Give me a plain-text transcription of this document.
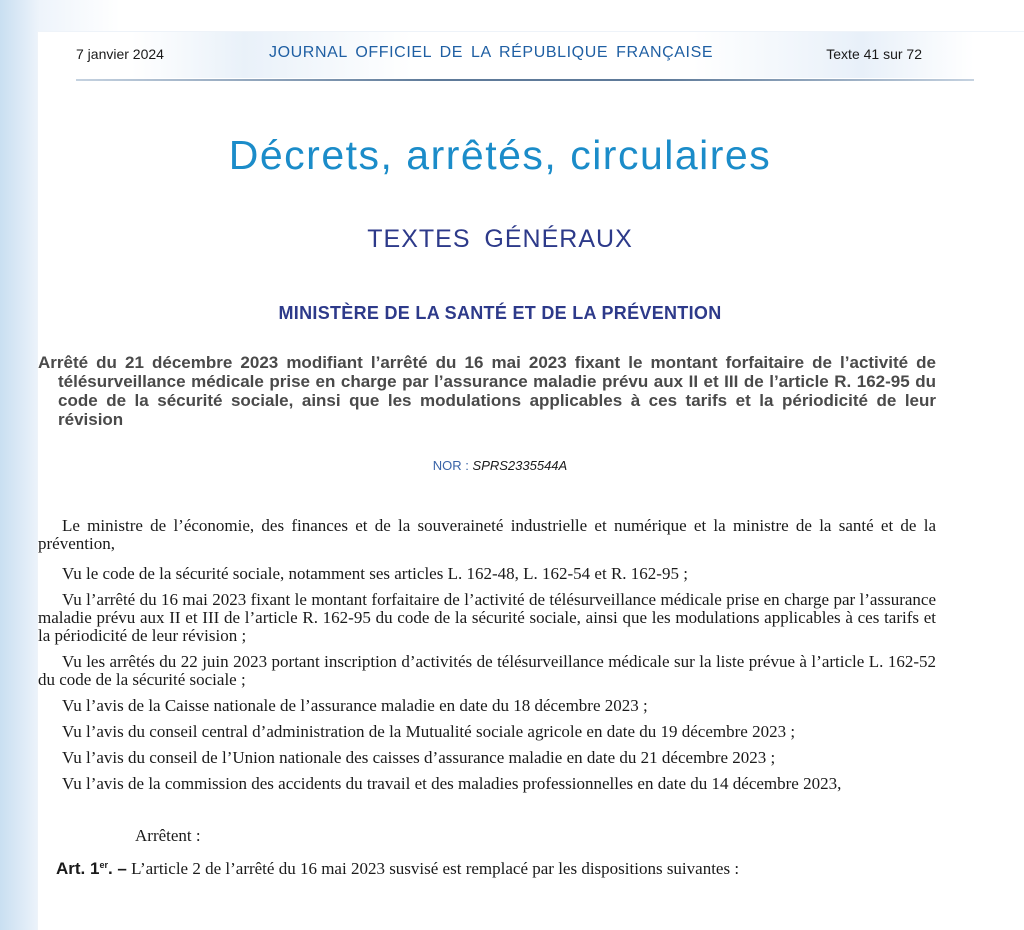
7 janvier 2024	JOURNAL OFFICIEL DE LA RÉPUBLIQUE FRANÇAISE	Texte 41 sur 72
Décrets, arrêtés, circulaires
TEXTES GÉNÉRAUX
MINISTÈRE DE LA SANTÉ ET DE LA PRÉVENTION
Arrêté du 21 décembre 2023 modifiant l’arrêté du 16 mai 2023 fixant le montant forfaitaire de l’activité de télésurveillance médicale prise en charge par l’assurance maladie prévu aux II et III de l’article R. 162-95 du code de la sécurité sociale, ainsi que les modulations applicables à ces tarifs et la périodicité de leur révision
NOR : SPRS2335544A

Le ministre de l’économie, des finances et de la souveraineté industrielle et numérique et la ministre de la santé et de la prévention,

Vu le code de la sécurité sociale, notamment ses articles L. 162-48, L. 162-54 et R. 162-95 ;

Vu l’arrêté du 16 mai 2023 fixant le montant forfaitaire de l’activité de télésurveillance médicale prise en charge par l’assurance maladie prévu aux II et III de l’article R. 162-95 du code de la sécurité sociale, ainsi que les modulations applicables à ces tarifs et la périodicité de leur révision ;

Vu les arrêtés du 22 juin 2023 portant inscription d’activités de télésurveillance médicale sur la liste prévue à l’article L. 162-52 du code de la sécurité sociale ;

Vu l’avis de la Caisse nationale de l’assurance maladie en date du 18 décembre 2023 ;

Vu l’avis du conseil central d’administration de la Mutualité sociale agricole en date du 19 décembre 2023 ;

Vu l’avis du conseil de l’Union nationale des caisses d’assurance maladie en date du 21 décembre 2023 ;

Vu l’avis de la commission des accidents du travail et des maladies professionnelles en date du 14 décembre 2023,

Arrêtent :
Art. 1er. – L’article 2 de l’arrêté du 16 mai 2023 susvisé est remplacé par les dispositions suivantes :
